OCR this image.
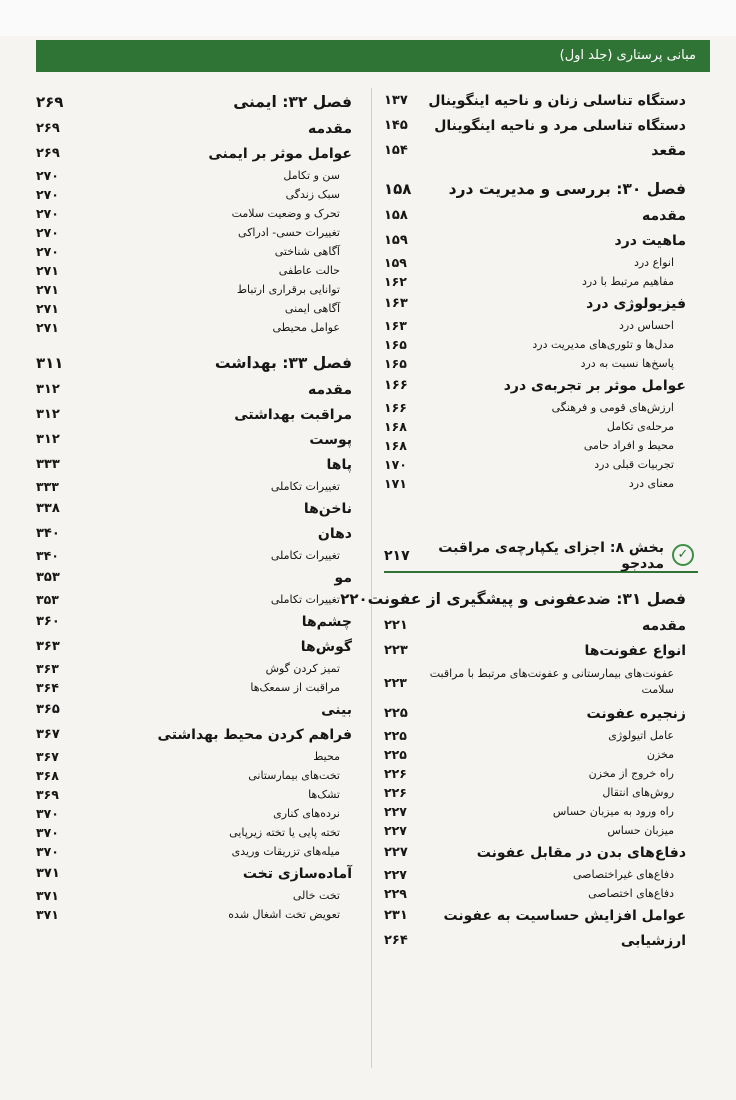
مبانی پرستاری (جلد اول)
دستگاه تناسلی زنان و ناحیه اینگوینال
۱۳۷
دستگاه تناسلی مرد و ناحیه اینگوینال
۱۴۵
مقعد
۱۵۴
فصل ۳۰: بررسی و مدیریت درد
۱۵۸
مقدمه
۱۵۸
ماهیت درد
۱۵۹
انواع درد
۱۵۹
مفاهیم مرتبط با درد
۱۶۲
فیزیولوژی درد
۱۶۳
احساس درد
۱۶۳
مدل‌ها و تئوری‌های مدیریت درد
۱۶۵
پاسخ‌ها نسبت به درد
۱۶۵
عوامل موثر بر تجربه‌ی درد
۱۶۶
ارزش‌های قومی و فرهنگی
۱۶۶
مرحله‌ی تکامل
۱۶۸
محیط و افراد حامی
۱۶۸
تجربیات قبلی درد
۱۷۰
معنای درد
۱۷۱
✓
بخش ۸: اجزای یکپارچه‌ی مراقبت مددجو
۲۱۷
فصل ۳۱: ضدعفونی و پیشگیری از عفونت
۲۲۰
مقدمه
۲۲۱
انواع عفونت‌ها
۲۲۳
عفونت‌های بیمارستانی و عفونت‌های مرتبط با مراقبت سلامت
۲۲۳
زنجیره عفونت
۲۲۵
عامل اتیولوژی
۲۲۵
مخزن
۲۲۵
راه خروج از مخزن
۲۲۶
روش‌های انتقال
۲۲۶
راه ورود به میزبان حساس
۲۲۷
میزبان حساس
۲۲۷
دفاع‌های بدن در مقابل عفونت
۲۲۷
دفاع‌های غیراختصاصی
۲۲۷
دفاع‌های اختصاصی
۲۲۹
عوامل افزایش حساسیت به عفونت
۲۳۱
ارزشیابی
۲۶۴
فصل ۳۲: ایمنی
۲۶۹
مقدمه
۲۶۹
عوامل موثر بر ایمنی
۲۶۹
سن و تکامل
۲۷۰
سبک زندگی
۲۷۰
تحرک و وضعیت سلامت
۲۷۰
تغییرات حسی- ادراکی
۲۷۰
آگاهی شناختی
۲۷۰
حالت عاطفی
۲۷۱
توانایی برقراری ارتباط
۲۷۱
آگاهی ایمنی
۲۷۱
عوامل محیطی
۲۷۱
فصل ۳۳: بهداشت
۳۱۱
مقدمه
۳۱۲
مراقبت بهداشتی
۳۱۲
پوست
۳۱۲
پاها
۳۳۳
تغییرات تکاملی
۳۳۳
ناخن‌ها
۳۳۸
دهان
۳۴۰
تغییرات تکاملی
۳۴۰
مو
۳۵۳
تغییرات تکاملی
۳۵۳
چشم‌ها
۳۶۰
گوش‌ها
۳۶۳
تمیز کردن گوش
۳۶۳
مراقبت از سمعک‌ها
۳۶۴
بینی
۳۶۵
فراهم کردن محیط بهداشتی
۳۶۷
محیط
۳۶۷
تخت‌های بیمارستانی
۳۶۸
تشک‌ها
۳۶۹
نرده‌های کناری
۳۷۰
تخته پایی یا تخته زیرپایی
۳۷۰
میله‌های تزریقات وریدی
۳۷۰
آماده‌سازی تخت
۳۷۱
تخت خالی
۳۷۱
تعویض تخت اشغال شده
۳۷۱
